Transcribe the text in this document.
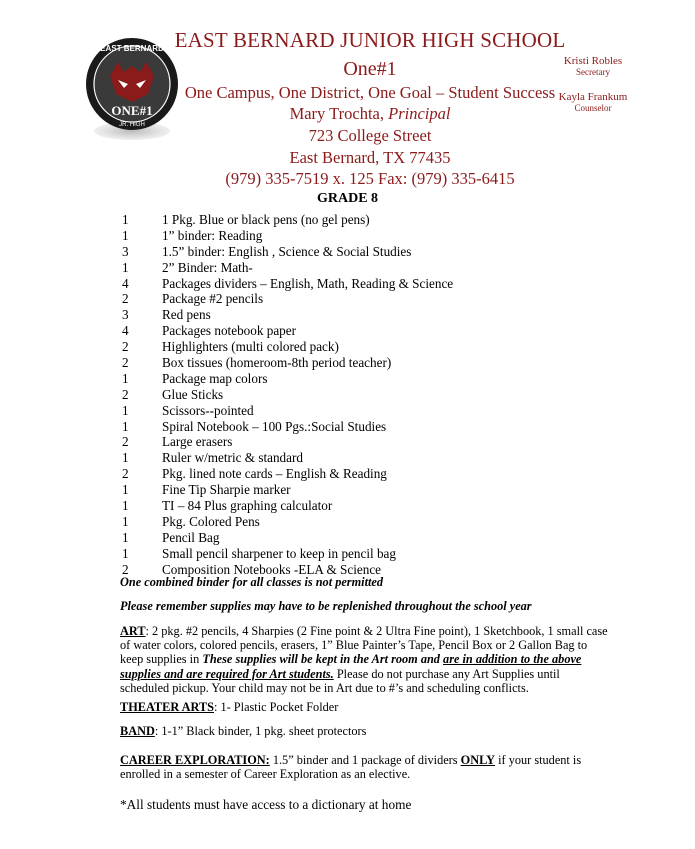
EAST BERNARD
ONE#1
JR. HIGH
EAST BERNARD JUNIOR HIGH SCHOOL
One#1
One Campus, One District, One Goal – Student Success
Mary Trochta, Principal
723 College Street
East Bernard, TX 77435
(979) 335-7519 x. 125 Fax: (979) 335-6415
Kristi Robles
Secretary
Kayla Frankum
Counselor
GRADE 8
1	1 Pkg. Blue or black pens (no gel pens)
1	1” binder: Reading
3	1.5” binder: English , Science & Social Studies
1	2” Binder: Math-
4	Packages dividers – English, Math, Reading & Science
2	Package #2 pencils
3	Red pens
4	Packages notebook paper
2	Highlighters (multi colored pack)
2	Box tissues (homeroom-8th period teacher)
1	Package map colors
2	Glue Sticks
1	Scissors--pointed
1	Spiral Notebook – 100 Pgs.:Social Studies
2	Large erasers
1	Ruler w/metric & standard
2	Pkg. lined note cards – English & Reading
1	Fine Tip Sharpie marker
1	TI – 84 Plus graphing calculator
1	Pkg. Colored Pens
1	Pencil Bag
1	Small pencil sharpener to keep in pencil bag
2	Composition Notebooks -ELA & Science
One combined binder for all classes is not permitted
Please remember supplies may have to be replenished throughout the school year
ART: 2 pkg. #2 pencils, 4 Sharpies (2 Fine point & 2 Ultra Fine point), 1 Sketchbook, 1 small case of water colors, colored pencils, erasers, 1” Blue Painter’s Tape, Pencil Box or 2 Gallon Bag to keep supplies in These supplies will be kept in the Art room and are in addition to the above supplies and are required for Art students. Please do not purchase any Art Supplies until scheduled pickup. Your child may not be in Art due to #’s and scheduling conflicts.
THEATER ARTS: 1- Plastic Pocket Folder
BAND: 1-1” Black binder, 1 pkg. sheet protectors
CAREER EXPLORATION: 1.5” binder and 1 package of dividers ONLY if your student is enrolled in a semester of Career Exploration as an elective.
*All students must have access to a dictionary at home
